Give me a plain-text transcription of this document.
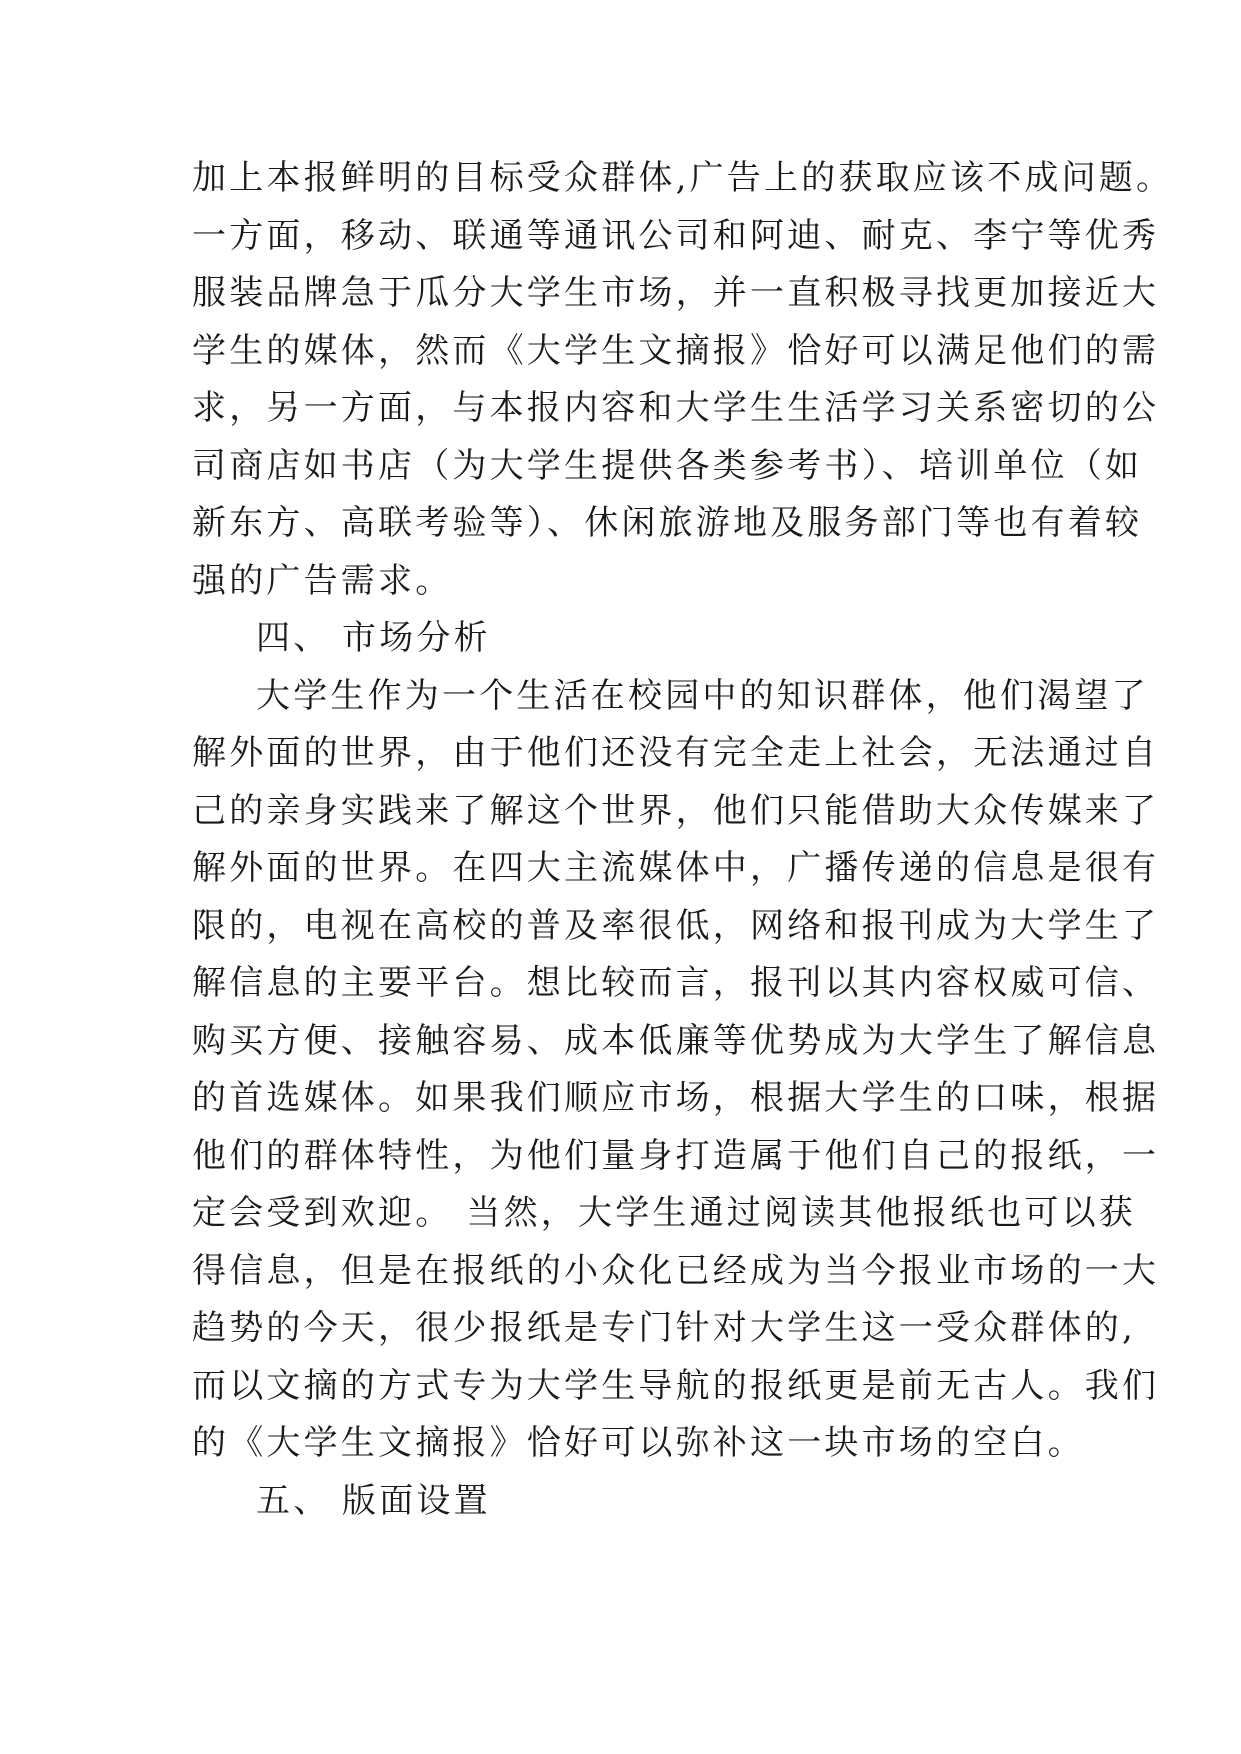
加上本报鲜明的目标受众群体,广告上的获取应该不成问题。
一方面，移动、联通等通讯公司和阿迪、耐克、李宁等优秀
服装品牌急于瓜分大学生市场，并一直积极寻找更加接近大
学生的媒体，然而《大学生文摘报》恰好可以满足他们的需
求，另一方面，与本报内容和大学生生活学习关系密切的公
司商店如书店（为大学生提供各类参考书）、培训单位（如
新东方、高联考验等）、休闲旅游地及服务部门等也有着较
强的广告需求。
四、 市场分析
大学生作为一个生活在校园中的知识群体，他们渴望了
解外面的世界，由于他们还没有完全走上社会，无法通过自
己的亲身实践来了解这个世界，他们只能借助大众传媒来了
解外面的世界。在四大主流媒体中，广播传递的信息是很有
限的，电视在高校的普及率很低，网络和报刊成为大学生了
解信息的主要平台。想比较而言，报刊以其内容权威可信、
购买方便、接触容易、成本低廉等优势成为大学生了解信息
的首选媒体。如果我们顺应市场，根据大学生的口味，根据
他们的群体特性，为他们量身打造属于他们自己的报纸，一
定会受到欢迎。 当然，大学生通过阅读其他报纸也可以获
得信息，但是在报纸的小众化已经成为当今报业市场的一大
趋势的今天，很少报纸是专门针对大学生这一受众群体的,
而以文摘的方式专为大学生导航的报纸更是前无古人。我们
的《大学生文摘报》恰好可以弥补这一块市场的空白。
五、 版面设置
